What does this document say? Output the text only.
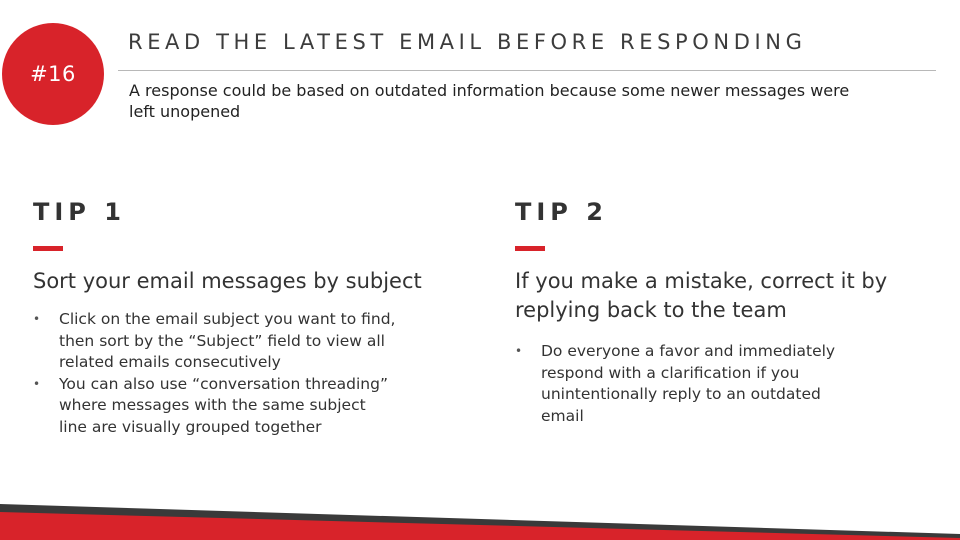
#16
READ THE LATEST EMAIL BEFORE RESPONDING
A response could be based on outdated information because some newer messages were left unopened
TIP 1
Sort your email messages by subject
• Click on the email subject you want to find, then sort by the “Subject” field to view all related emails consecutively
• You can also use “conversation threading” where messages with the same subject line are visually grouped together
TIP 2
If you make a mistake, correct it by replying back to the team
• Do everyone a favor and immediately respond with a clarification if you unintentionally reply to an outdated email
